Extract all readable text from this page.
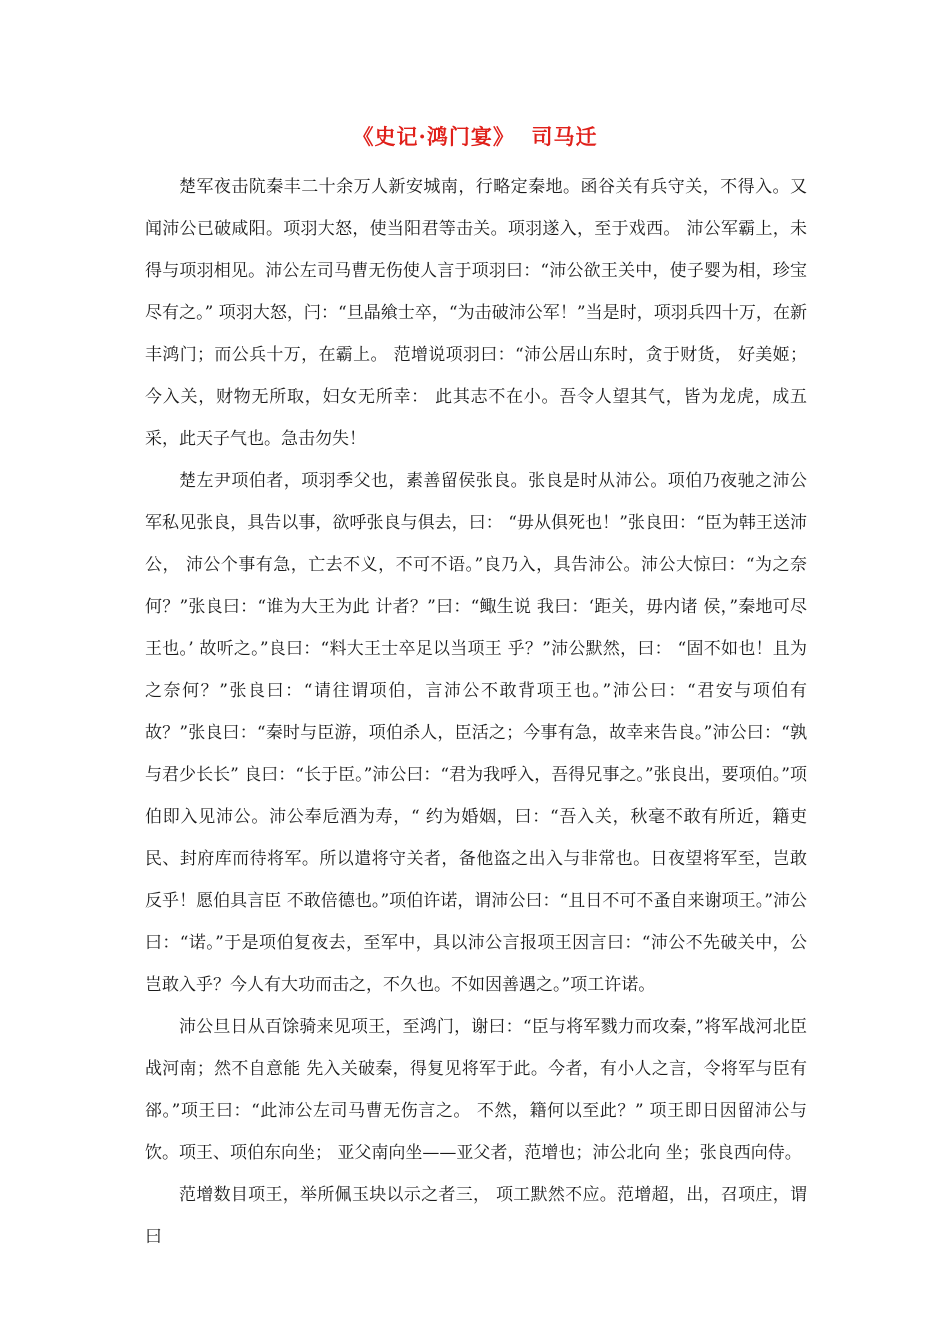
《史记·鸿门宴》  司马迁

楚军夜击阬秦丰二十余万人新安城南，行略定秦地。函谷关有兵守关，不得入。又闻沛公已破咸阳。项羽大怒，使当阳君等击关。项羽遂入，至于戏西。 沛公军霸上，未得与项羽相见。沛公左司马曹无伤使人言于项羽曰：“沛公欲王关中，使子婴为相，珍宝尽有之。” 项羽大怒，闩：“旦晶飨士卒，“为击破沛公军！”当是时，项羽兵四十万，在新丰鸿门；而公兵十万，在霸上。 范增说项羽曰：“沛公居山东时，贪于财货， 好美姬；今入关，财物无所取，妇女无所幸： 此其志不在小。吾令人望其气，皆为龙虎，成五采，此天子气也。急击勿失！

楚左尹项伯者，项羽季父也，素善留侯张良。张良是时从沛公。项伯乃夜驰之沛公军私见张良，具告以事，欲呼张良与俱去，曰： “毋从俱死也！”张良田：“臣为韩王送沛公， 沛公个事有急，亡去不义，不可不语。”良乃入，具告沛公。沛公大惊曰：“为之奈何？”张良曰：“谁为大王为此 计者？”曰：“鲰生说 我曰：‘距关，毋内诸 侯，”秦地可尽王也。’ 故听之。”良曰：“料大王士卒足以当项王 乎？”沛公默然，曰： “固不如也！且为之奈何？”张良曰：“请往谓项伯，言沛公不敢背项王也。”沛公曰：“君安与项伯有故？”张良曰：“秦时与臣游，项伯杀人，臣活之；今事有急，故幸来告良。”沛公曰：“孰与君少长长” 良曰：“长于臣。”沛公曰：“君为我呼入，吾得兄事之。”张良出，要项伯。”项伯即入见沛公。沛公奉卮酒为寿，“ 约为婚姻，曰：“吾入关，秋毫不敢有所近，籍吏民、封府库而待将军。所以遣将守关者，备他盗之出入与非常也。日夜望将军至，岂敢反乎！愿伯具言臣 不敢倍德也。”项伯许诺，谓沛公曰：“且日不可不蚤自来谢项王。”沛公曰：“诺。”于是项伯复夜去，至军中，具以沛公言报项王因言曰：“沛公不先破关中，公岂敢入乎？今人有大功而击之，不久也。不如因善遇之。”项工许诺。

沛公旦日从百馀骑来见项王，至鸿门，谢曰：“臣与将军戮力而攻秦，”将军战河北臣战河南；然不自意能 先入关破秦，得复见将军于此。今者，有小人之言，令将军与臣有郤。”项王曰：“此沛公左司马曹无伤言之。 不然，籍何以至此？” 项王即日因留沛公与饮。项王、项伯东向坐； 亚父南向坐——亚父者，范增也；沛公北向 坐；张良西向侍。

范增数目项王，举所佩玉块以示之者三， 项工默然不应。范增超，出，召项庄，谓曰
